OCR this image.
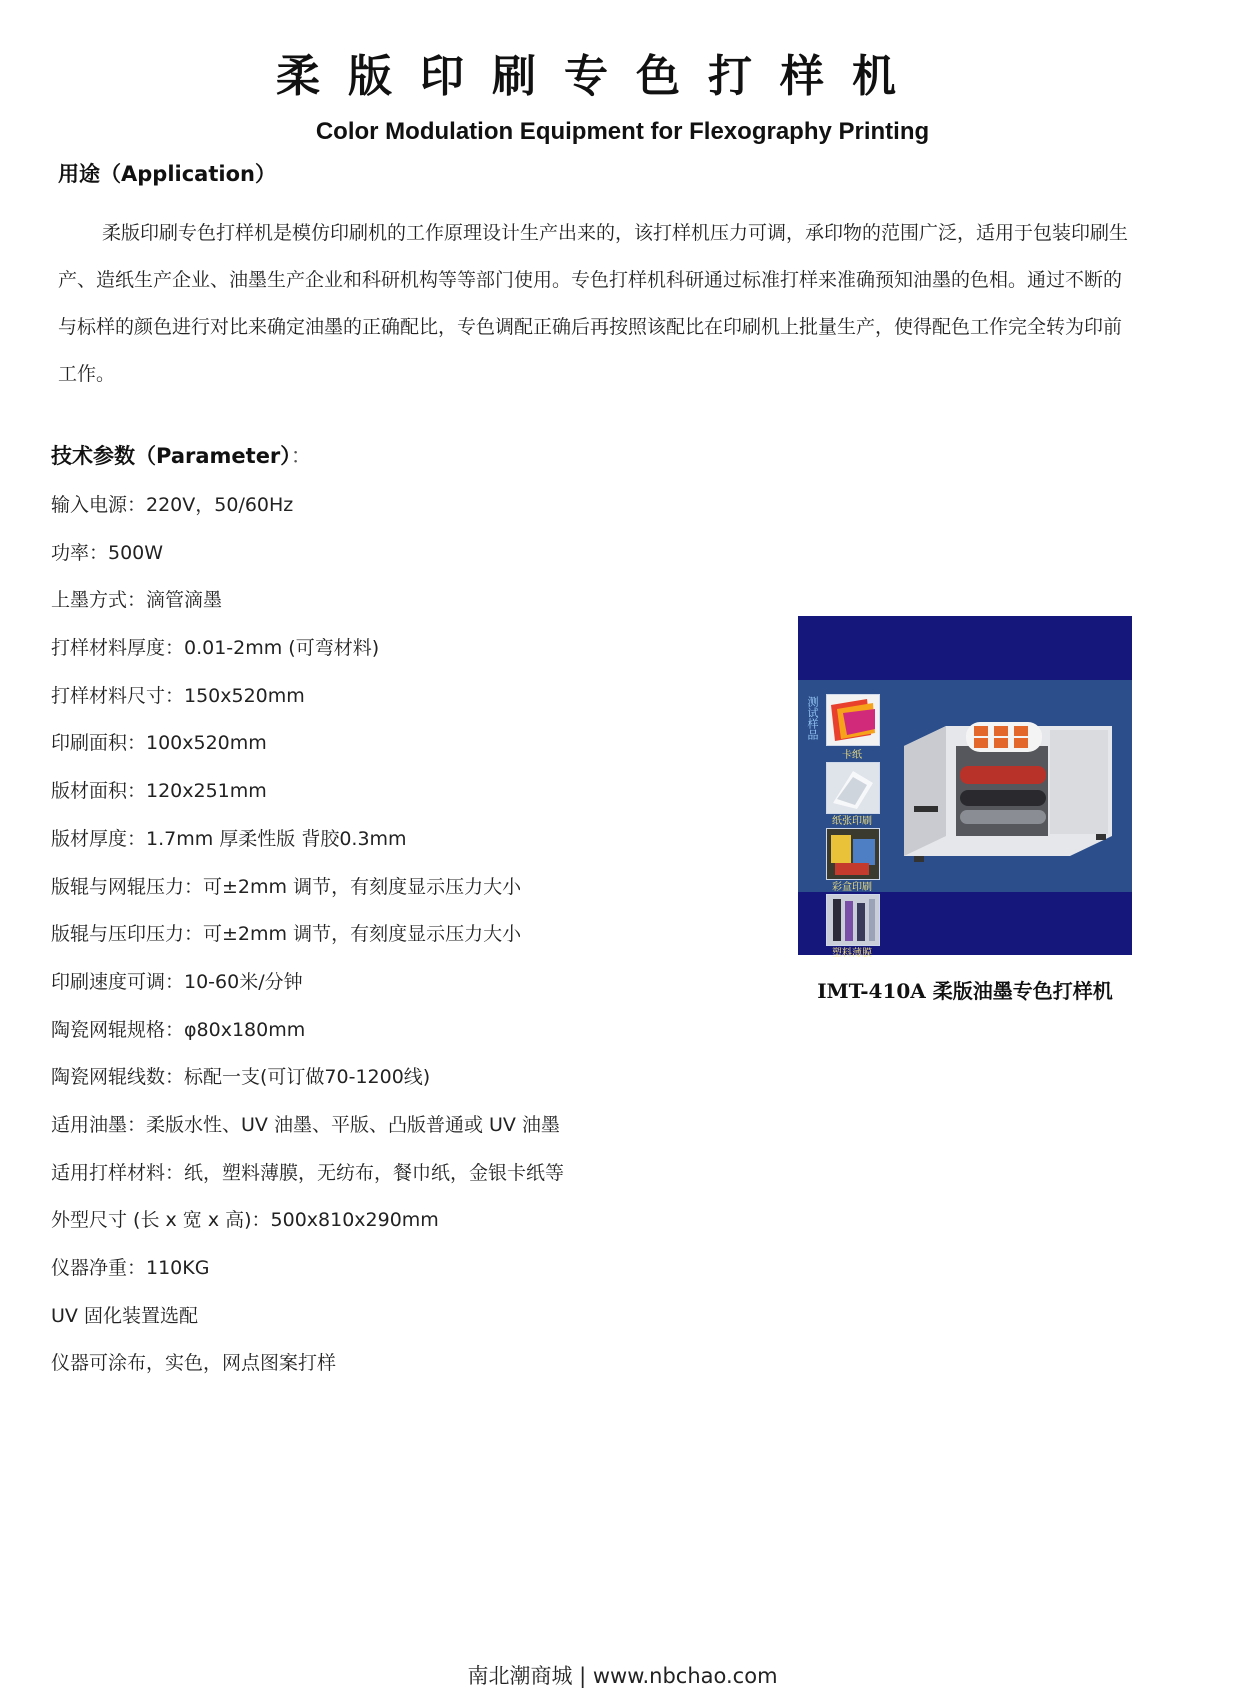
柔版印刷专色打样机
Color Modulation Equipment for Flexography Printing
用途（Application）
柔版印刷专色打样机是模仿印刷机的工作原理设计生产出来的，该打样机压力可调，承印物的范围广泛，适用于包装印刷生产、造纸生产企业、油墨生产企业和科研机构等等部门使用。专色打样机科研通过标准打样来准确预知油墨的色相。通过不断的与标样的颜色进行对比来确定油墨的正确配比，专色调配正确后再按照该配比在印刷机上批量生产，使得配色工作完全转为印前工作。
技术参数（Parameter）：
输入电源：220V，50/60Hz
功率：500W
上墨方式：滴管滴墨
打样材料厚度：0.01-2mm (可弯材料)
打样材料尺寸：150x520mm
印刷面积：100x520mm
版材面积：120x251mm
版材厚度：1.7mm 厚柔性版 背胶0.3mm
版辊与网辊压力：可±2mm 调节，有刻度显示压力大小
版辊与压印压力：可±2mm 调节，有刻度显示压力大小
印刷速度可调：10-60米/分钟
陶瓷网辊规格：φ80x180mm
陶瓷网辊线数：标配一支(可订做70-1200线)
适用油墨：柔版水性、UV 油墨、平版、凸版普通或 UV 油墨
适用打样材料：纸，塑料薄膜，无纺布，餐巾纸，金银卡纸等
外型尺寸 (长 x 宽 x 高)：500x810x290mm
仪器净重：110KG
UV 固化装置选配
仪器可涂布，实色，网点图案打样
测试样品
卡纸
纸张印刷
彩盒印刷
塑料薄膜
IMT-410A 柔版油墨专色打样机
南北潮商城 | www.nbchao.com
